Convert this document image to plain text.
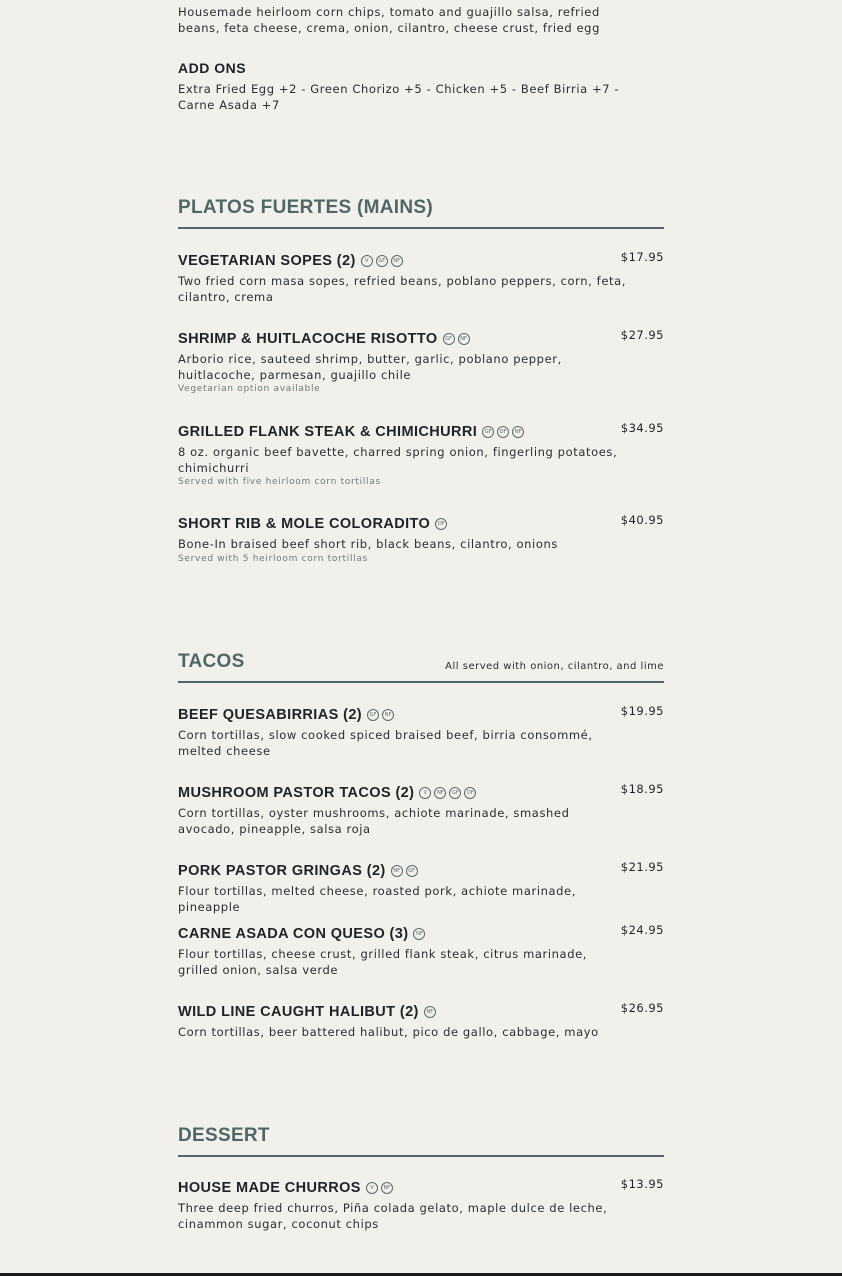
Housemade heirloom corn chips, tomato and guajillo salsa, refried beans, feta cheese, crema, onion, cilantro, cheese crust, fried egg

ADD ONS

Extra Fried Egg +2 - Green Chorizo +5 - Chicken +5 - Beef Birria +7 - Carne Asada +7

PLATOS FUERTES (MAINS)
VEGETARIAN SOPES (2)	V	GF	NF	$17.95

Two fried corn masa sopes, refried beans, poblano peppers, corn, feta, cilantro, crema

SHRIMP & HUITLACOCHE RISOTTO	GF	NF	$27.95

Arborio rice, sauteed shrimp, butter, garlic, poblano pepper, huitlacoche, parmesan, guajillo chile

Vegetarian option available
GRILLED FLANK STEAK & CHIMICHURRI	GF	DF	NF	$34.95

8 oz. organic beef bavette, charred spring onion, fingerling potatoes, chimichurri

Served with five heirloom corn tortillas
SHORT RIB & MOLE COLORADITO	DF	$40.95

Bone-In braised beef short rib, black beans, cilantro, onions

Served with 5 heirloom corn tortillas
TACOS	All served with onion, cilantro, and lime
BEEF QUESABIRRIAS (2)	GF	NF	$19.95

Corn tortillas, slow cooked spiced braised beef, birria consommé, melted cheese

MUSHROOM PASTOR TACOS (2)	V	NF	GF	DF	$18.95

Corn tortillas, oyster mushrooms, achiote marinade, smashed avocado, pineapple, salsa roja

PORK PASTOR GRINGAS (2)	NF	GF	$21.95

Flour tortillas, melted cheese, roasted pork, achiote marinade, pineapple

CARNE ASADA CON QUESO (3)	NF	$24.95

Flour tortillas, cheese crust, grilled flank steak, citrus marinade, grilled onion, salsa verde

WILD LINE CAUGHT HALIBUT (2)	NF	$26.95

Corn tortillas, beer battered halibut, pico de gallo, cabbage, mayo

DESSERT
HOUSE MADE CHURROS	V	NF	$13.95

Three deep fried churros, Piña colada gelato, maple dulce de leche, cinammon sugar, coconut chips
